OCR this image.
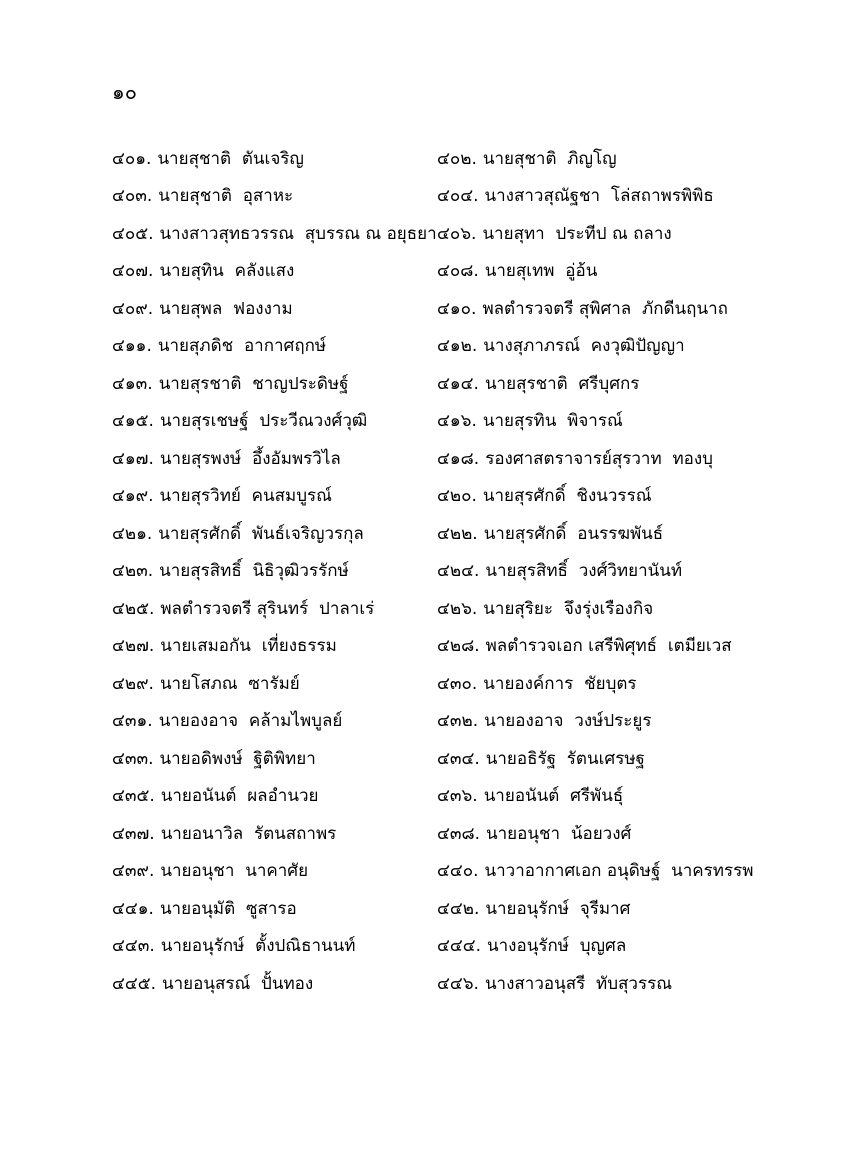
๑๐
๔๐๑. นายสุชาติ  ตันเจริญ	๔๐๒. นายสุชาติ  ภิญโญ
๔๐๓. นายสุชาติ  อุสาหะ	๔๐๔. นางสาวสุณัฐชา  โล่สถาพรพิพิธ
๔๐๕. นางสาวสุทธวรรณ  สุบรรณ ณ อยุธยา ๔๐๖. นายสุทา  ประทีป ณ ถลาง
๔๐๗. นายสุทิน  คลังแสง	๔๐๘. นายสุเทพ  อู่อ้น
๔๐๙. นายสุพล  ฟองงาม	๔๑๐. พลตำรวจตรี สุพิศาล  ภักดีนฤนาถ
๔๑๑. นายสุภดิช  อากาศฤกษ์	๔๑๒. นางสุภาภรณ์  คงวุฒิปัญญา
๔๑๓. นายสุรชาติ  ชาญประดิษฐ์	๔๑๔. นายสุรชาติ  ศรีบุศกร
๔๑๕. นายสุรเชษฐ์  ประวีณวงศ์วุฒิ	๔๑๖. นายสุรทิน  พิจารณ์
๔๑๗. นายสุรพงษ์  อึ้งอัมพรวิไล	๔๑๘. รองศาสตราจารย์สุรวาท  ทองบุ
๔๑๙. นายสุรวิทย์  คนสมบูรณ์	๔๒๐. นายสุรศักดิ์  ชิงนวรรณ์
๔๒๑. นายสุรศักดิ์  พันธ์เจริญวรกุล	๔๒๒. นายสุรศักดิ์  อนรรฆพันธ์
๔๒๓. นายสุรสิทธิ์  นิธิวุฒิวรรักษ์	๔๒๔. นายสุรสิทธิ์  วงศ์วิทยานันท์
๔๒๕. พลตำรวจตรี สุรินทร์  ปาลาเร่	๔๒๖. นายสุริยะ  จึงรุ่งเรืองกิจ
๔๒๗. นายเสมอกัน  เที่ยงธรรม	๔๒๘. พลตำรวจเอก เสรีพิศุทธ์  เตมียเวส
๔๒๙. นายโสภณ  ซารัมย์	๔๓๐. นายองค์การ  ชัยบุตร
๔๓๑. นายองอาจ  คล้ามไพบูลย์	๔๓๒. นายองอาจ  วงษ์ประยูร
๔๓๓. นายอดิพงษ์  ฐิติพิทยา	๔๓๔. นายอธิรัฐ  รัตนเศรษฐ
๔๓๕. นายอนันต์  ผลอำนวย	๔๓๖. นายอนันต์  ศรีพันธุ์
๔๓๗. นายอนาวิล  รัตนสถาพร	๔๓๘. นายอนุชา  น้อยวงศ์
๔๓๙. นายอนุชา  นาคาศัย	๔๔๐. นาวาอากาศเอก อนุดิษฐ์  นาครทรรพ
๔๔๑. นายอนุมัติ  ซูสารอ	๔๔๒. นายอนุรักษ์  จุรีมาศ
๔๔๓. นายอนุรักษ์  ตั้งปณิธานนท์	๔๔๔. นางอนุรักษ์  บุญศล
๔๔๕. นายอนุสรณ์  ปั้นทอง	๔๔๖. นางสาวอนุสรี  ทับสุวรรณ
